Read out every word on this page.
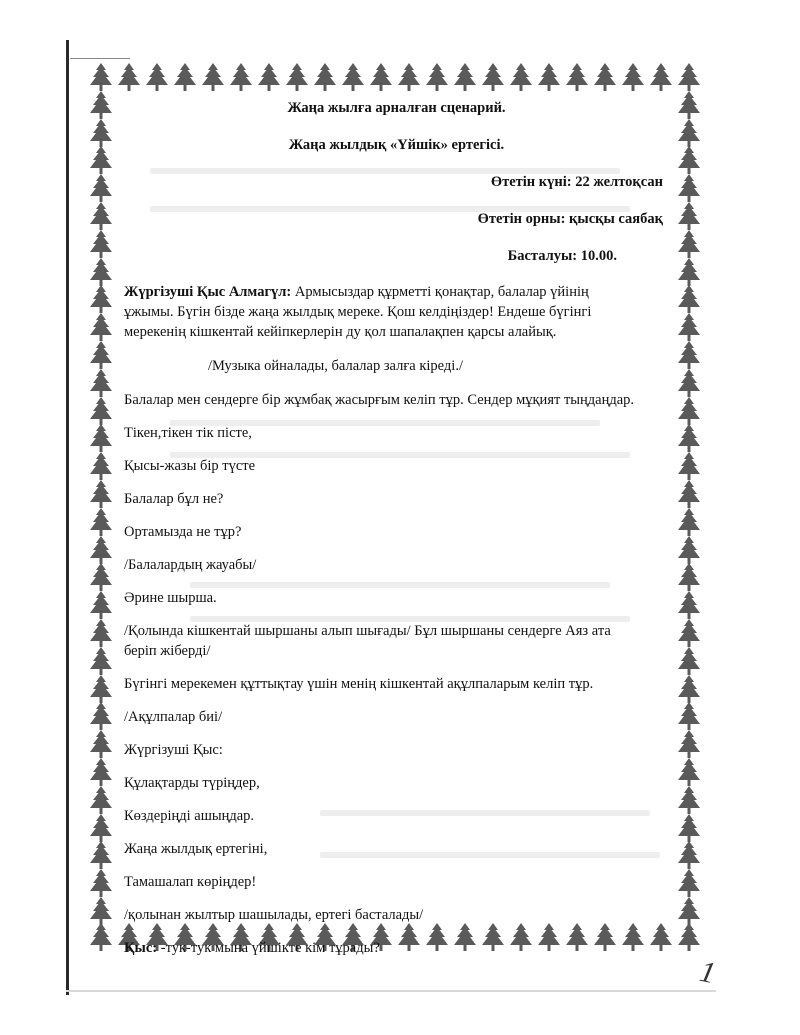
Жаңа жылға арналған сценарий.

Жаңа жылдық «Үйшік» ертегісі.

Өтетін күні: 22 желтоқсан

Өтетін орны: қысқы саябақ

Басталуы: 10.00.

Жүргізуші Қыс Алмагүл: Армысыздар құрметті қонақтар, балалар үйінің

ұжымы. Бүгін бізде жаңа жылдық мереке. Қош келдіңіздер! Ендеше бүгінгі

мерекенің кішкентай кейіпкерлерін ду қол шапалақпен қарсы алайық.

/Музыка ойналады, балалар залға кіреді./

Балалар мен сендерге бір жұмбақ жасырғым келіп тұр. Сендер мұқият тыңдаңдар.

Тікен,тікен тік пісте,

Қысы-жазы бір түсте

Балалар бұл не?

Ортамызда не тұр?

/Балалардың жауабы/

Әрине шырша.

/Қолында кішкентай шыршаны алып шығады/ Бұл шыршаны сендерге Аяз ата

беріп жіберді/

Бүгінгі мерекемен құттықтау үшін менің кішкентай ақұлпаларым келіп тұр.

/Ақұлпалар биі/

Жүргізуші Қыс:

Құлақтарды түріңдер,

Көздеріңді ашыңдар.

Жаңа жылдық ертегіні,

Тамашалап көріңдер!

/қолынан жылтыр шашылады, ертегі басталады/

Қыс: -тук-тук мына үйшікте кім тұрады?

1
